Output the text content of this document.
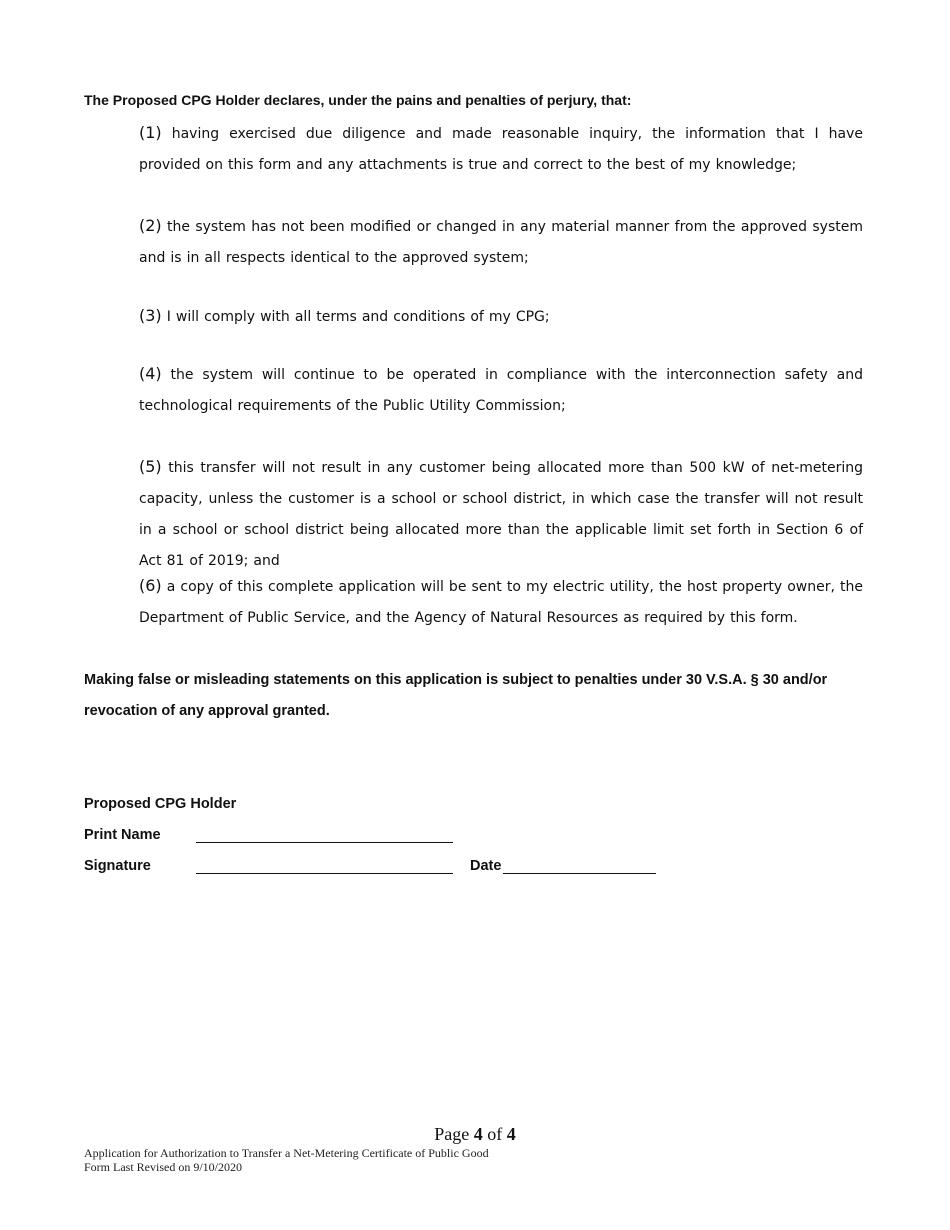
The Proposed CPG Holder declares, under the pains and penalties of perjury, that:

(1) having exercised due diligence and made reasonable inquiry, the information that I have provided on this form and any attachments is true and correct to the best of my knowledge;

(2) the system has not been modified or changed in any material manner from the approved system and is in all respects identical to the approved system;

(3) I will comply with all terms and conditions of my CPG;

(4) the system will continue to be operated in compliance with the interconnection safety and technological requirements of the Public Utility Commission;

(5) this transfer will not result in any customer being allocated more than 500 kW of net-metering capacity, unless the customer is a school or school district, in which case the transfer will not result in a school or school district being allocated more than the applicable limit set forth in Section 6 of Act 81 of 2019; and

(6) a copy of this complete application will be sent to my electric utility, the host property owner, the Department of Public Service, and the Agency of Natural Resources as required by this form.

Making false or misleading statements on this application is subject to penalties under 30 V.S.A. § 30 and/or revocation of any approval granted.

Proposed CPG Holder
Print Name
Signature	Date
Page 4 of 4
Application for Authorization to Transfer a Net-Metering Certificate of Public Good
Form Last Revised on 9/10/2020
